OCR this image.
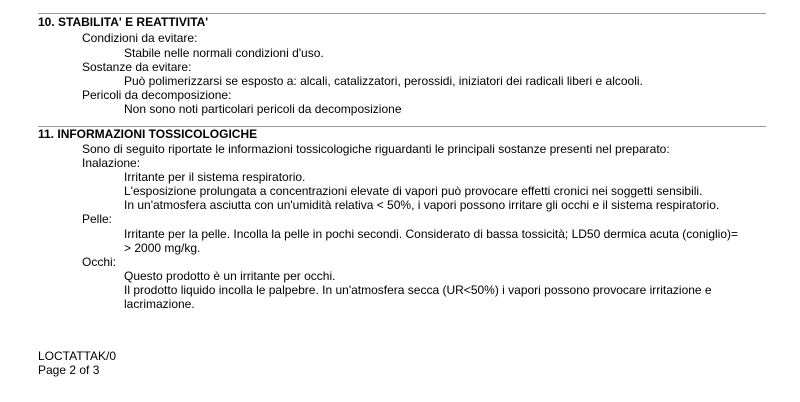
10. STABILITA' E REATTIVITA'
Condizioni da evitare:
Stabile nelle normali condizioni d'uso.
Sostanze da evitare:
Può polimerizzarsi se esposto a: alcali, catalizzatori, perossidi, iniziatori dei radicali liberi e alcooli.
Pericoli da decomposizione:
Non sono noti particolari pericoli da decomposizione
11. INFORMAZIONI TOSSICOLOGICHE
Sono di seguito riportate le informazioni tossicologiche riguardanti le principali sostanze presenti nel preparato:
Inalazione:
Irritante per il sistema respiratorio.
L'esposizione prolungata a concentrazioni elevate di vapori può provocare effetti cronici nei soggetti sensibili.
In un'atmosfera asciutta con un'umidità relativa < 50%, i vapori possono irritare gli occhi e il sistema respiratorio.
Pelle:
Irritante per la pelle. Incolla la pelle in pochi secondi. Considerato di bassa tossicità; LD50 dermica acuta (coniglio)=
> 2000 mg/kg.
Occhi:
Questo prodotto è un irritante per occhi.
Il prodotto liquido incolla le palpebre. In un'atmosfera secca (UR<50%) i vapori possono provocare irritazione e
lacrimazione.
LOCTATTAK/0
Page 2 of 3
